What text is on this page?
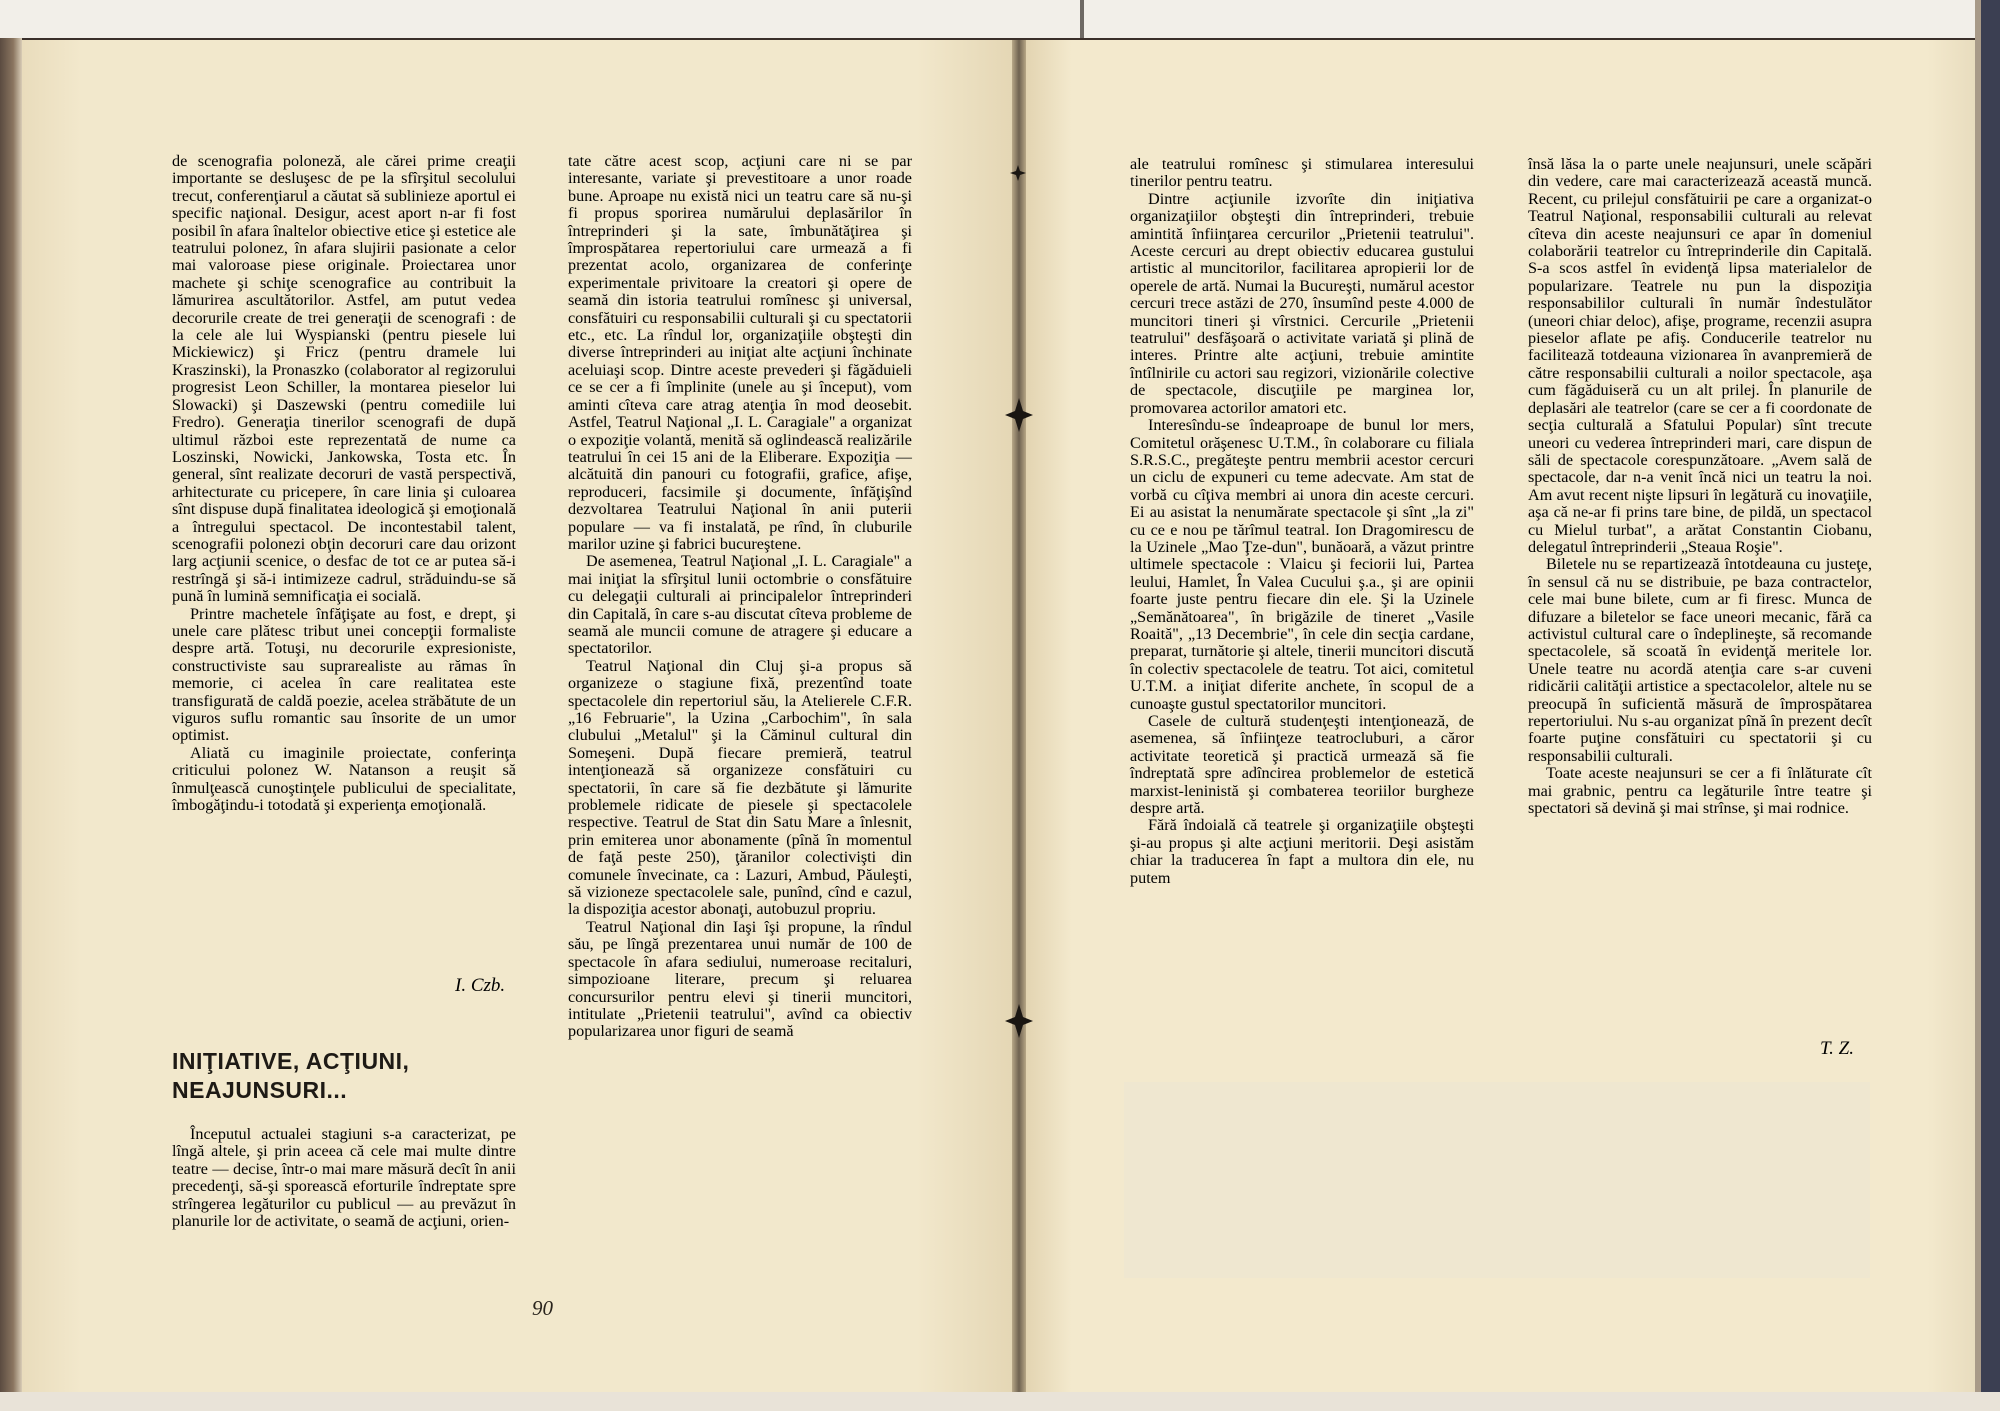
de scenografia poloneză, ale cărei prime creaţii importante se desluşesc de pe la sfîrşitul secolului trecut, conferenţiarul a căutat să sublinieze aportul ei specific naţional. Desigur, acest aport n-ar fi fost posibil în afara înaltelor obiective etice şi estetice ale teatrului polonez, în afara slujirii pasionate a celor mai valoroase piese originale. Proiectarea unor machete şi schiţe scenografice au contribuit la lămurirea ascultătorilor. Astfel, am putut vedea decorurile create de trei generaţii de scenografi : de la cele ale lui Wyspianski (pentru piesele lui Mickiewicz) şi Fricz (pentru dramele lui Kraszinski), la Pronaszko (colaborator al regizorului progresist Leon Schiller, la montarea pieselor lui Slowacki) şi Daszewski (pentru comediile lui Fredro). Generaţia tinerilor scenografi de după ultimul război este reprezentată de nume ca Loszinski, Nowicki, Jankowska, Tosta etc. În general, sînt realizate decoruri de vastă perspectivă, arhitecturate cu pricepere, în care linia şi culoarea sînt dispuse după finalitatea ideologică şi emoţională a întregului spectacol. De incontestabil talent, scenografii polonezi obţin decoruri care dau orizont larg acţiunii scenice, o desfac de tot ce ar putea să-i restrîngă şi să-i intimizeze cadrul, străduindu-se să pună în lumină semnificaţia ei socială.

Printre machetele înfăţişate au fost, e drept, şi unele care plătesc tribut unei concepţii formaliste despre artă. Totuşi, nu decorurile expresioniste, constructiviste sau suprarealiste au rămas în memorie, ci acelea în care realitatea este transfigurată de caldă poezie, acelea străbătute de un viguros suflu romantic sau însorite de un umor optimist.

Aliată cu imaginile proiectate, conferinţa criticului polonez W. Natanson a reuşit să înmulţească cunoştinţele publicului de specialitate, îmbogăţindu-i totodată şi experienţa emoţională.

I. Czb.
INIŢIATIVE, ACŢIUNI,
NEAJUNSURI...

Începutul actualei stagiuni s-a caracterizat, pe lîngă altele, şi prin aceea că cele mai multe dintre teatre — decise, într-o mai mare măsură decît în anii precedenţi, să-şi sporească eforturile îndreptate spre strîngerea legăturilor cu publicul — au prevăzut în planurile lor de activitate, o seamă de acţiuni, orien-

tate către acest scop, acţiuni care ni se par interesante, variate şi prevestitoare a unor roade bune. Aproape nu există nici un teatru care să nu-şi fi propus sporirea numărului deplasărilor în întreprinderi şi la sate, îmbunătăţirea şi împrospătarea repertoriului care urmează a fi prezentat acolo, organizarea de conferinţe experimentale privitoare la creatori şi opere de seamă din istoria teatrului romînesc şi universal, consfătuiri cu responsabilii culturali şi cu spectatorii etc., etc. La rîndul lor, organizaţiile obşteşti din diverse întreprinderi au iniţiat alte acţiuni închinate aceluiaşi scop. Dintre aceste prevederi şi făgăduieli ce se cer a fi împlinite (unele au şi început), vom aminti cîteva care atrag atenţia în mod deosebit. Astfel, Teatrul Naţional „I. L. Caragiale" a organizat o expoziţie volantă, menită să oglindească realizările teatrului în cei 15 ani de la Eliberare. Expoziţia — alcătuită din panouri cu fotografii, grafice, afişe, reproduceri, facsimile şi documente, înfăţişînd dezvoltarea Teatrului Naţional în anii puterii populare — va fi instalată, pe rînd, în cluburile marilor uzine şi fabrici bucureştene.

De asemenea, Teatrul Naţional „I. L. Caragiale" a mai iniţiat la sfîrşitul lunii octombrie o consfătuire cu delegaţii culturali ai principalelor întreprinderi din Capitală, în care s-au discutat cîteva probleme de seamă ale muncii comune de atragere şi educare a spectatorilor.

Teatrul Naţional din Cluj şi-a propus să organizeze o stagiune fixă, prezentînd toate spectacolele din repertoriul său, la Atelierele C.F.R. „16 Februarie", la Uzina „Carbochim", în sala clubului „Metalul" şi la Căminul cultural din Someşeni. După fiecare premieră, teatrul intenţionează să organizeze consfătuiri cu spectatorii, în care să fie dezbătute şi lămurite problemele ridicate de piesele şi spectacolele respective. Teatrul de Stat din Satu Mare a înlesnit, prin emiterea unor abonamente (pînă în momentul de faţă peste 250), ţăranilor colectivişti din comunele învecinate, ca : Lazuri, Ambud, Păuleşti, să vizioneze spectacolele sale, punînd, cînd e cazul, la dispoziţia acestor abonaţi, autobuzul propriu.

Teatrul Naţional din Iaşi îşi propune, la rîndul său, pe lîngă prezentarea unui număr de 100 de spectacole în afara sediului, numeroase recitaluri, simpozioane literare, precum şi reluarea concursurilor pentru elevi şi tinerii muncitori, intitulate „Prietenii teatrului", avînd ca obiectiv popularizarea unor figuri de seamă

90

ale teatrului romînesc şi stimularea interesului tinerilor pentru teatru.

Dintre acţiunile izvorîte din iniţiativa organizaţiilor obşteşti din întreprinderi, trebuie amintită înfiinţarea cercurilor „Prietenii teatrului". Aceste cercuri au drept obiectiv educarea gustului artistic al muncitorilor, facilitarea apropierii lor de operele de artă. Numai la Bucureşti, numărul acestor cercuri trece astăzi de 270, însumînd peste 4.000 de muncitori tineri şi vîrstnici. Cercurile „Prietenii teatrului" desfăşoară o activitate variată şi plină de interes. Printre alte acţiuni, trebuie amintite întîlnirile cu actori sau regizori, vizionările colective de spectacole, discuţiile pe marginea lor, promovarea actorilor amatori etc.

Interesîndu-se îndeaproape de bunul lor mers, Comitetul orăşenesc U.T.M., în colaborare cu filiala S.R.S.C., pregăteşte pentru membrii acestor cercuri un ciclu de expuneri cu teme adecvate. Am stat de vorbă cu cîţiva membri ai unora din aceste cercuri. Ei au asistat la nenumărate spectacole şi sînt „la zi" cu ce e nou pe tărîmul teatral. Ion Dragomirescu de la Uzinele „Mao Ţze-dun", bunăoară, a văzut printre ultimele spectacole : Vlaicu şi feciorii lui, Partea leului, Hamlet, În Valea Cucului ş.a., şi are opinii foarte juste pentru fiecare din ele. Şi la Uzinele „Semănătoarea", în brigăzile de tineret „Vasile Roaită", „13 Decembrie", în cele din secţia cardane, preparat, turnătorie şi altele, tinerii muncitori discută în colectiv spectacolele de teatru. Tot aici, comitetul U.T.M. a iniţiat diferite anchete, în scopul de a cunoaşte gustul spectatorilor muncitori.

Casele de cultură studenţeşti intenţionează, de asemenea, să înfiinţeze teatrocluburi, a căror activitate teoretică şi practică urmează să fie îndreptată spre adîncirea problemelor de estetică marxist-leninistă şi combaterea teoriilor burgheze despre artă.

Fără îndoială că teatrele şi organizaţiile obşteşti şi-au propus şi alte acţiuni meritorii. Deşi asistăm chiar la traducerea în fapt a multora din ele, nu putem

însă lăsa la o parte unele neajunsuri, unele scăpări din vedere, care mai caracterizează această muncă. Recent, cu prilejul consfătuirii pe care a organizat-o Teatrul Naţional, responsabilii culturali au relevat cîteva din aceste neajunsuri ce apar în domeniul colaborării teatrelor cu întreprinderile din Capitală. S-a scos astfel în evidenţă lipsa materialelor de popularizare. Teatrele nu pun la dispoziţia responsabililor culturali în număr îndestulător (uneori chiar deloc), afişe, programe, recenzii asupra pieselor aflate pe afiş. Conducerile teatrelor nu facilitează totdeauna vizionarea în avanpremieră de către responsabilii culturali a noilor spectacole, aşa cum făgăduiseră cu un alt prilej. În planurile de deplasări ale teatrelor (care se cer a fi coordonate de secţia culturală a Sfatului Popular) sînt trecute uneori cu vederea întreprinderi mari, care dispun de săli de spectacole corespunzătoare. „Avem sală de spectacole, dar n-a venit încă nici un teatru la noi. Am avut recent nişte lipsuri în legătură cu inovaţiile, aşa că ne-ar fi prins tare bine, de pildă, un spectacol cu Mielul turbat", a arătat Constantin Ciobanu, delegatul întreprinderii „Steaua Roşie".

Biletele nu se repartizează întotdeauna cu justeţe, în sensul că nu se distribuie, pe baza contractelor, cele mai bune bilete, cum ar fi firesc. Munca de difuzare a biletelor se face uneori mecanic, fără ca activistul cultural care o îndeplineşte, să recomande spectacolele, să scoată în evidenţă meritele lor. Unele teatre nu acordă atenţia care s-ar cuveni ridicării calităţii artistice a spectacolelor, altele nu se preocupă în suficientă măsură de împrospătarea repertoriului. Nu s-au organizat pînă în prezent decît foarte puţine consfătuiri cu spectatorii şi cu responsabilii culturali.

Toate aceste neajunsuri se cer a fi înlăturate cît mai grabnic, pentru ca legăturile între teatre şi spectatori să devină şi mai strînse, şi mai rodnice.

T. Z.
